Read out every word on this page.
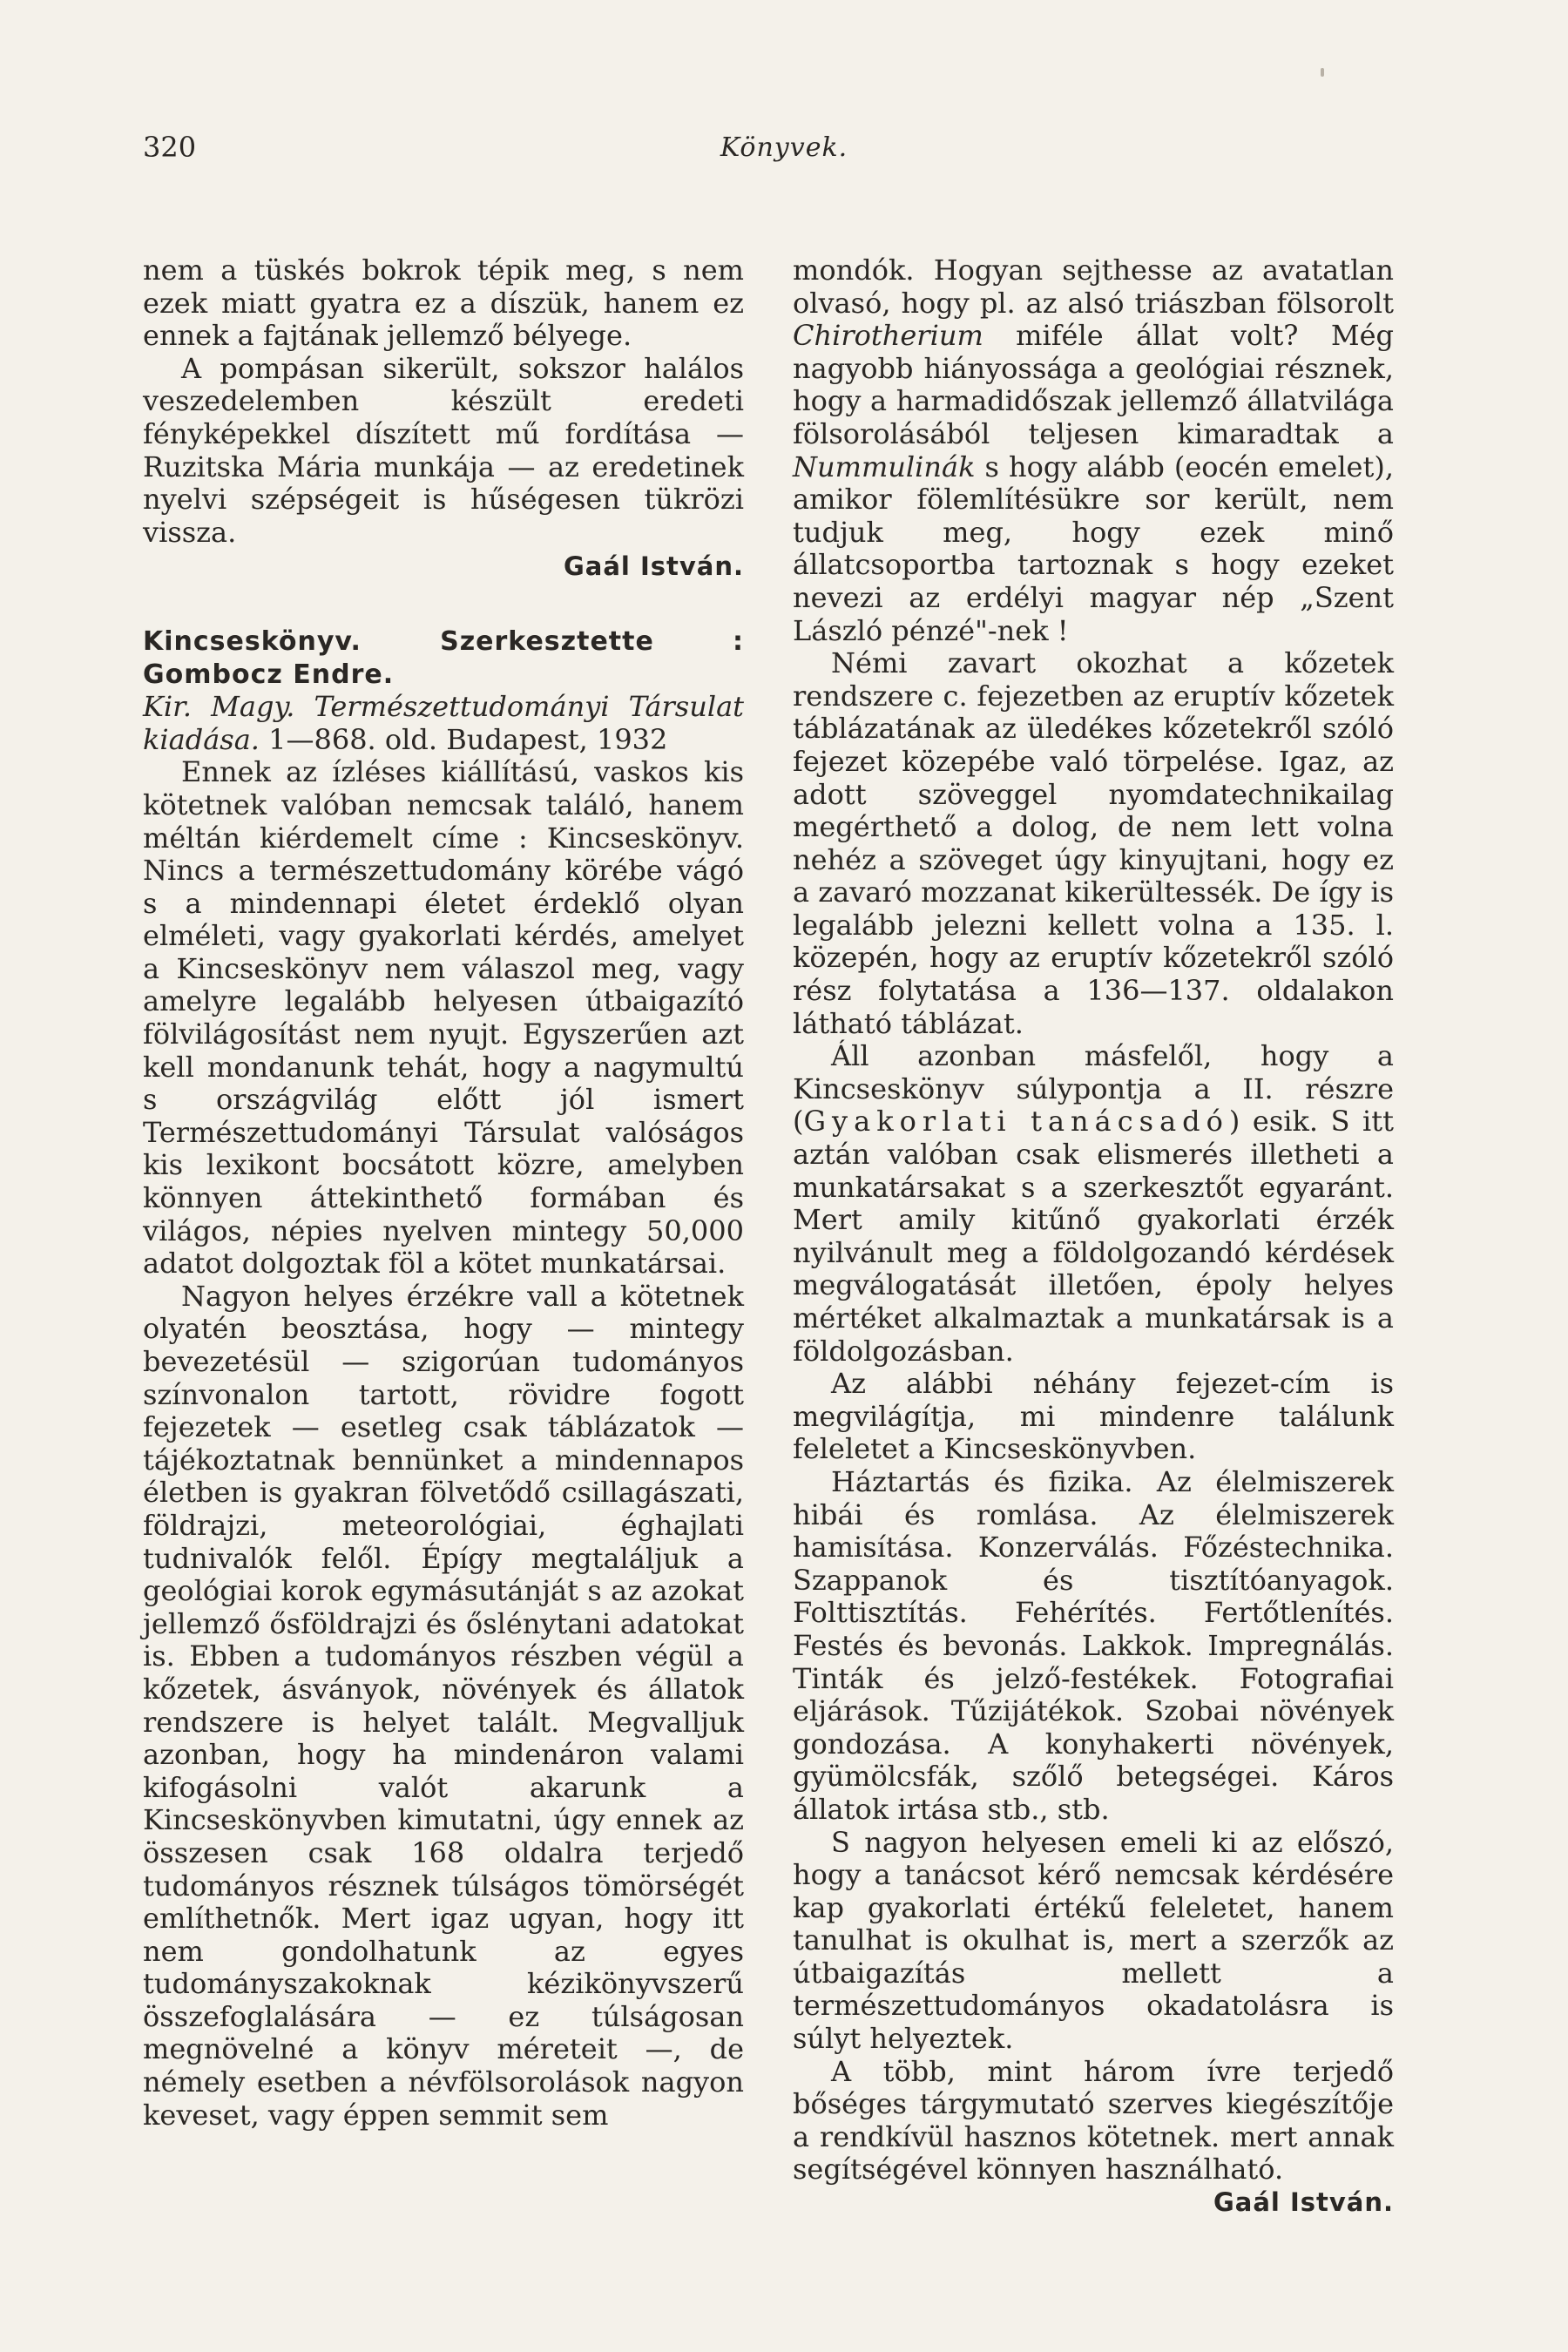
320	Könyvek.

nem a tüskés bokrok tépik meg, s nem ezek miatt gyatra ez a díszük, hanem ez ennek a fajtának jellemző bélyege.

A pompásan sikerült, sokszor halálos veszedelemben készült eredeti fényképekkel díszített mű fordítása — Ruzitska Mária munkája — az eredetinek nyelvi szépségeit is hűségesen tükrözi vissza.

Gaál István.

Kincseskönyv. Szerkesztette : Gombocz Endre.

Kir. Magy. Természettudományi Társulat kiadása. 1—868. old. Budapest, 1932

Ennek az ízléses kiállítású, vaskos kis kötetnek valóban nemcsak találó, hanem méltán kiérdemelt címe : Kincseskönyv. Nincs a természettudomány körébe vágó s a mindennapi életet érdeklő olyan elméleti, vagy gyakorlati kérdés, amelyet a Kincseskönyv nem válaszol meg, vagy amelyre legalább helyesen útbaigazító fölvilágosítást nem nyujt. Egyszerűen azt kell mondanunk tehát, hogy a nagymultú s országvilág előtt jól ismert Természettudományi Társulat valóságos kis lexikont bocsátott közre, amelyben könnyen áttekinthető formában és világos, népies nyelven mintegy 50,000 adatot dolgoztak föl a kötet munkatársai.

Nagyon helyes érzékre vall a kötetnek olyatén beosztása, hogy — mintegy bevezetésül — szigorúan tudományos színvonalon tartott, rövidre fogott fejezetek — esetleg csak táblázatok — tájékoztatnak bennünket a mindennapos életben is gyakran fölvetődő csillagászati, földrajzi, meteorológiai, éghajlati tudnivalók felől. Épígy megtaláljuk a geológiai korok egymásutánját s az azokat jellemző ősföldrajzi és őslénytani adatokat is. Ebben a tudományos részben végül a kőzetek, ásványok, növények és állatok rendszere is helyet talált. Megvalljuk azonban, hogy ha mindenáron valami kifogásolni valót akarunk a Kincseskönyvben kimutatni, úgy ennek az összesen csak 168 oldalra terjedő tudományos résznek túlságos tömörségét említhetnők. Mert igaz ugyan, hogy itt nem gondolhatunk az egyes tudományszakoknak kézikönyvszerű összefoglalására — ez túlságosan megnövelné a könyv méreteit —, de némely esetben a névfölsorolások nagyon keveset, vagy éppen semmit sem

mondók. Hogyan sejthesse az avatatlan olvasó, hogy pl. az alsó triászban fölsorolt Chirotherium miféle állat volt? Még nagyobb hiányossága a geológiai résznek, hogy a harmadidőszak jellemző állatvilága fölsorolásából teljesen kimaradtak a Nummulinák s hogy alább (eocén emelet), amikor fölemlítésükre sor került, nem tudjuk meg, hogy ezek minő állatcsoportba tartoznak s hogy ezeket nevezi az erdélyi magyar nép „Szent László pénzé"-nek !

Némi zavart okozhat a kőzetek rendszere c. fejezetben az eruptív kőzetek táblázatának az üledékes kőzetekről szóló fejezet közepébe való törpelése. Igaz, az adott szöveggel nyomdatechnikailag megérthető a dolog, de nem lett volna nehéz a szöveget úgy kinyujtani, hogy ez a zavaró mozzanat kikerültessék. De így is legalább jelezni kellett volna a 135. l. közepén, hogy az eruptív kőzetekről szóló rész folytatása a 136—137. oldalakon látható táblázat.

Áll azonban másfelől, hogy a Kincseskönyv súlypontja a II. részre (Gyakorlati tanácsadó) esik. S itt aztán valóban csak elismerés illetheti a munkatársakat s a szerkesztőt egyaránt. Mert amily kitűnő gyakorlati érzék nyilvánult meg a földolgozandó kérdések megválogatását illetően, époly helyes mértéket alkalmaztak a munkatársak is a földolgozásban.

Az alábbi néhány fejezet-cím is megvilágítja, mi mindenre találunk feleletet a Kincseskönyvben.

Háztartás és fizika. Az élelmiszerek hibái és romlása. Az élelmiszerek hamisítása. Konzerválás. Főzéstechnika. Szappanok és tisztítóanyagok. Folttisztítás. Fehérítés. Fertőtlenítés. Festés és bevonás. Lakkok. Impregnálás. Tinták és jelző-festékek. Fotografiai eljárások. Tűzijátékok. Szobai növények gondozása. A konyhakerti növények, gyümölcsfák, szőlő betegségei. Káros állatok irtása stb., stb.

S nagyon helyesen emeli ki az előszó, hogy a tanácsot kérő nemcsak kérdésére kap gyakorlati értékű feleletet, hanem tanulhat is okulhat is, mert a szerzők az útbaigazítás mellett a természettudományos okadatolásra is súlyt helyeztek.

A több, mint három ívre terjedő bőséges tárgymutató szerves kiegészítője a rendkívül hasznos kötetnek. mert annak segítségével könnyen használható.
Gaál István.
